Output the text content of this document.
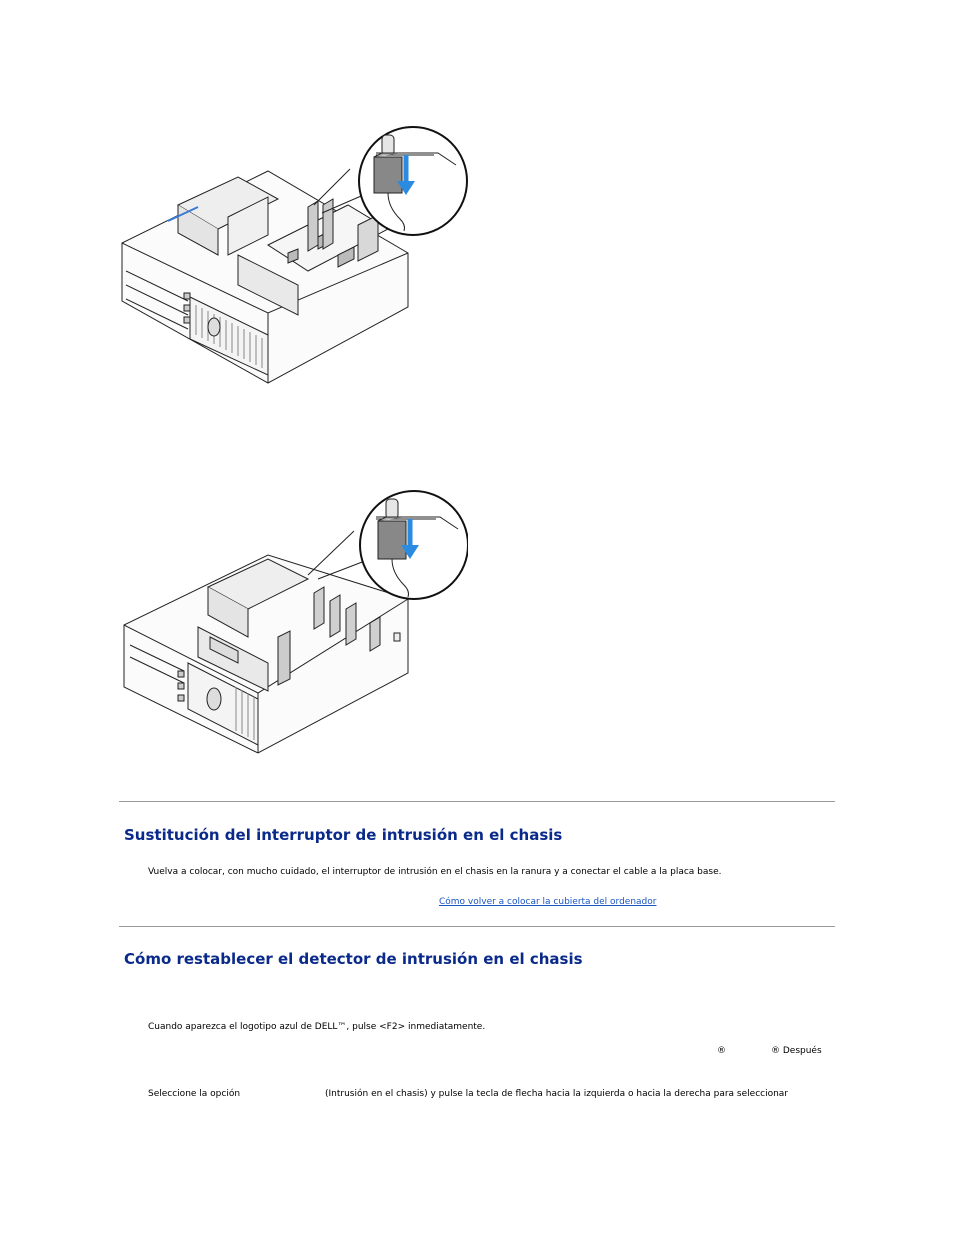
Sustitución del interruptor de intrusión en el chasis

Vuelva a colocar, con mucho cuidado, el interruptor de intrusión en el chasis en la ranura y a conectar el cable a la placa base.

Cómo volver a colocar la cubierta del ordenador
Cómo restablecer el detector de intrusión en el chasis

Cuando aparezca el logotipo azul de DELL™, pulse <F2> inmediatamente.

®	® Después

Seleccione la opción	(Intrusión en el chasis) y pulse la tecla de flecha hacia la izquierda o hacia la derecha para seleccionar
